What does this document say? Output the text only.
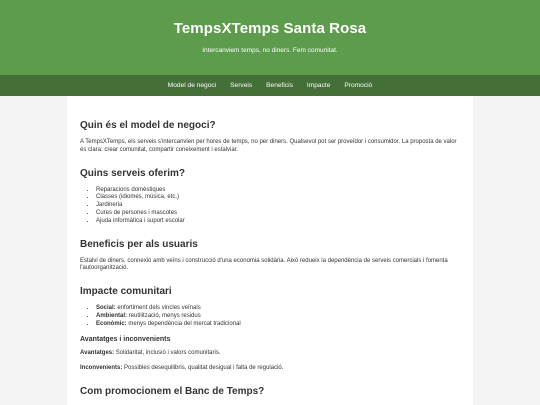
TempsXTemps Santa Rosa

Intercanviem temps, no diners. Fem comunitat.

Model de negoci Serveis Beneficis Impacte Promoció
Quin és el model de negoci?

A TempsXTemps, els serveis s'intercanvien per hores de temps, no per diners. Qualsevol pot ser proveïdor i consumidor. La proposta de valor és clara: crear comunitat, compartir coneixement i estalviar.

Quins serveis oferim?
• Reparacions domèstiques
• Classes (idiomes, música, etc.)
• Jardineria
• Cures de persones i mascotes
• Ajuda informàtica i suport escolar
Beneficis per als usuaris

Estalvi de diners, connexió amb veïns i construcció d'una economia solidària. Això redueix la dependència de serveis comercials i fomenta l'autoorganització.

Impacte comunitari
• Social: enfortiment dels vincles veïnals
• Ambiental: reutilització, menys residus
• Econòmic: menys dependència del mercat tradicional
Avantatges i inconvenients

Avantatges: Solidaritat, inclusió i valors comunitaris.

Inconvenients: Possibles desequilibris, qualitat desigual i falta de regulació.

Com promocionem el Banc de Temps?
